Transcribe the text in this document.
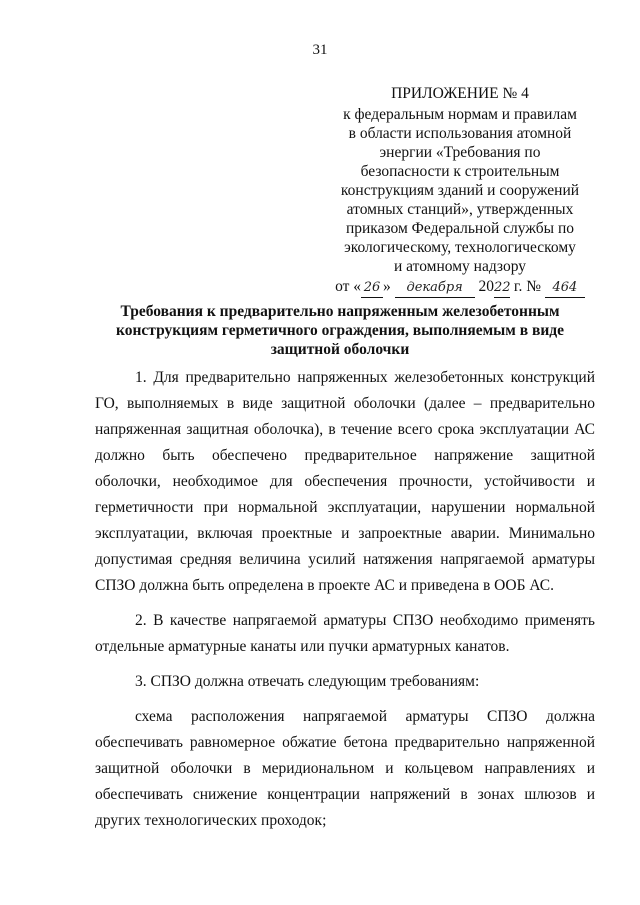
31
ПРИЛОЖЕНИЕ № 4
к федеральным нормам и правилам
в области использования атомной
энергии «Требования по
безопасности к строительным
конструкциям зданий и сооружений
атомных станций», утвержденных
приказом Федеральной службы по
экологическому, технологическому
и атомному надзору
от « 26 » декабря 2022 г. № 464
Требования к предварительно напряженным железобетонным
конструкциям герметичного ограждения, выполняемым в виде
защитной оболочки

1. Для предварительно напряженных железобетонных конструкций ГО, выполняемых в виде защитной оболочки (далее – предварительно напряженная защитная оболочка), в течение всего срока эксплуатации АС должно быть обеспечено предварительное напряжение защитной оболочки, необходимое для обеспечения прочности, устойчивости и герметичности при нормальной эксплуатации, нарушении нормальной эксплуатации, включая проектные и запроектные аварии. Минимально допустимая средняя величина усилий натяжения напрягаемой арматуры СПЗО должна быть определена в проекте АС и приведена в ООБ АС.

2. В качестве напрягаемой арматуры СПЗО необходимо применять отдельные арматурные канаты или пучки арматурных канатов.

3. СПЗО должна отвечать следующим требованиям:

схема расположения напрягаемой арматуры СПЗО должна обеспечивать равномерное обжатие бетона предварительно напряженной защитной оболочки в меридиональном и кольцевом направлениях и обеспечивать снижение концентрации напряжений в зонах шлюзов и других технологических проходок;
